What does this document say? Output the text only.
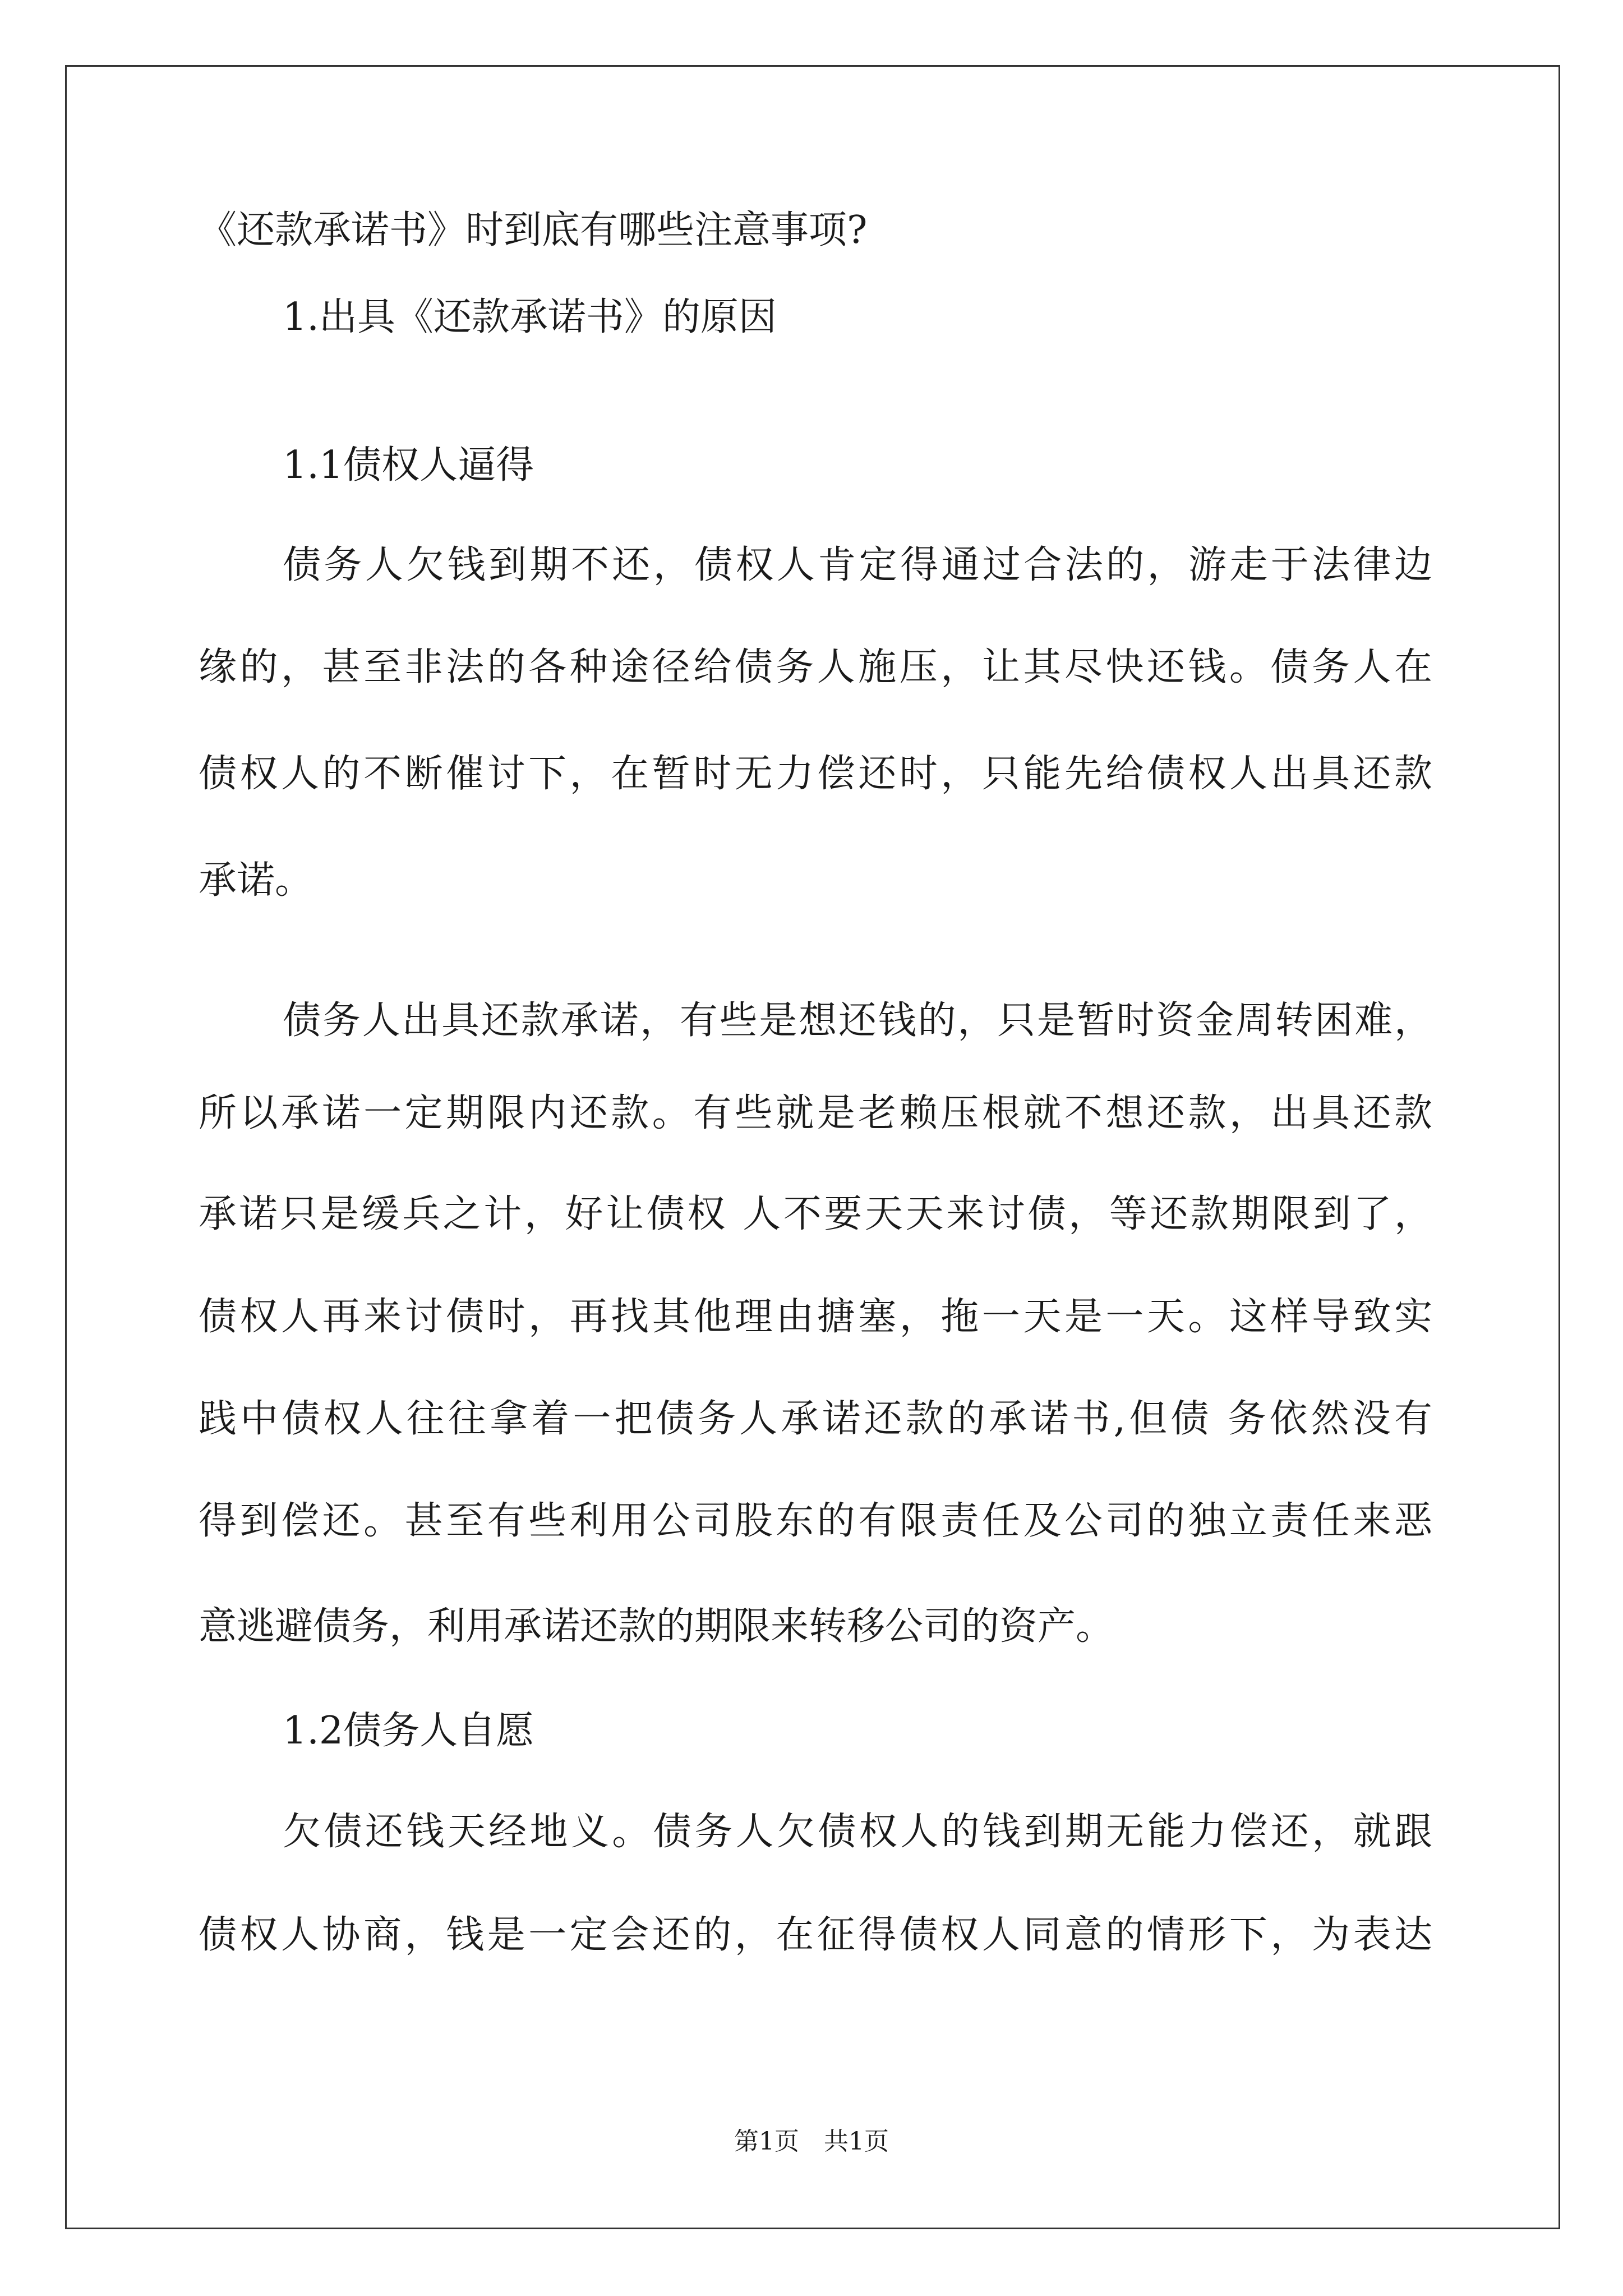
《还款承诺书》时到底有哪些注意事项?
1.出具《还款承诺书》的原因
1.1债权人逼得
债务人欠钱到期不还，债权人肯定得通过合法的，游走于法律边
缘的，甚至非法的各种途径给债务人施压，让其尽快还钱。债务人在
债权人的不断催讨下，在暂时无力偿还时，只能先给债权人出具还款
承诺。
债务人出具还款承诺，有些是想还钱的，只是暂时资金周转困难，
所以承诺一定期限内还款。有些就是老赖压根就不想还款，出具还款
承诺只是缓兵之计，好让债权 人不要天天来讨债，等还款期限到了，
债权人再来讨债时，再找其他理由搪塞，拖一天是一天。这样导致实
践中债权人往往拿着一把债务人承诺还款的承诺书,但债 务依然没有
得到偿还。甚至有些利用公司股东的有限责任及公司的独立责任来恶
意逃避债务，利用承诺还款的期限来转移公司的资产。
1.2债务人自愿
欠债还钱天经地义。债务人欠债权人的钱到期无能力偿还，就跟
债权人协商，钱是一定会还的，在征得债权人同意的情形下，为表达
第1页　共1页
